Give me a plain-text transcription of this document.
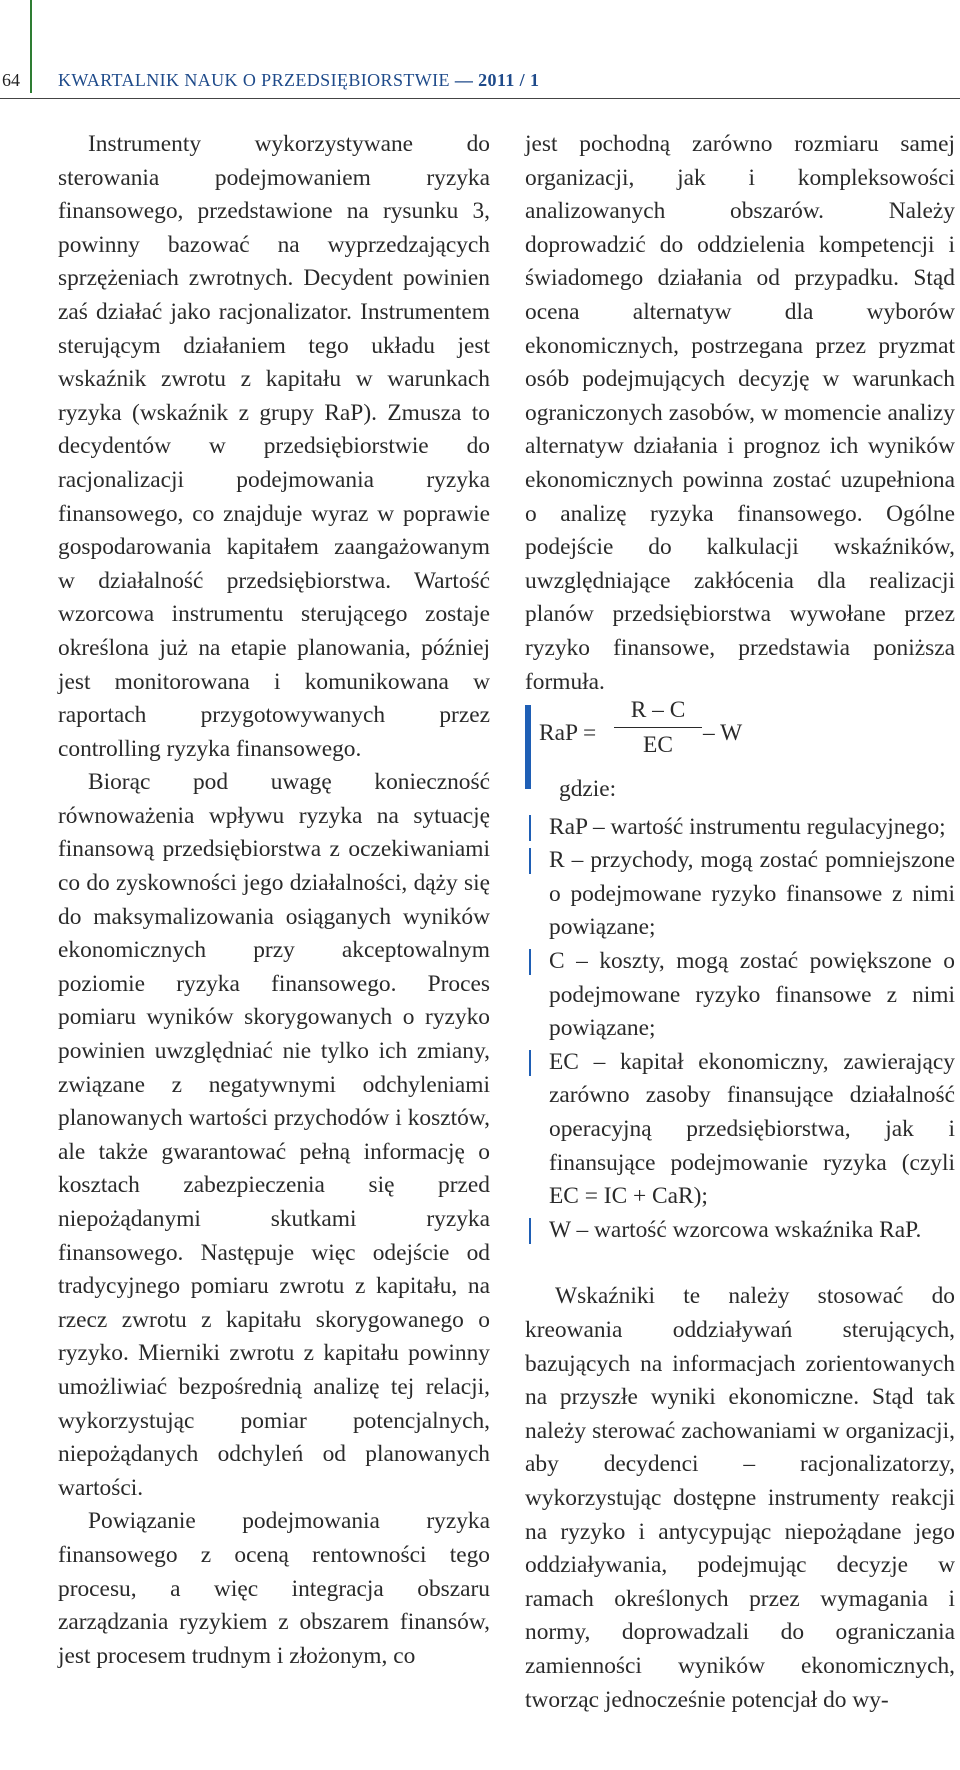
64 KWARTALNIK NAUK O PRZEDSIĘBIORSTWIE — 2011 / 1

Instrumenty wykorzystywane do sterowania podejmowaniem ryzyka finansowego, przedstawione na rysunku 3, powinny bazować na wyprzedzających sprzężeniach zwrotnych. Decydent powinien zaś działać jako racjonalizator. Instrumentem sterującym działaniem tego układu jest wskaźnik zwrotu z kapitału w warunkach ryzyka (wskaźnik z grupy RaP). Zmusza to decydentów w przedsiębiorstwie do racjonalizacji podejmowania ryzyka finansowego, co znajduje wyraz w poprawie gospodarowania kapitałem zaangażowanym w działalność przedsiębiorstwa. Wartość wzorcowa instrumentu sterującego zostaje określona już na etapie planowania, później jest monitorowana i komunikowana w raportach przygotowywanych przez controlling ryzyka finansowego.

Biorąc pod uwagę konieczność równoważenia wpływu ryzyka na sytuację finansową przedsiębiorstwa z oczekiwaniami co do zyskowności jego działalności, dąży się do maksymalizowania osiąganych wyników ekonomicznych przy akceptowalnym poziomie ryzyka finansowego. Proces pomiaru wyników skorygowanych o ryzyko powinien uwzględniać nie tylko ich zmiany, związane z negatywnymi odchyleniami planowanych wartości przychodów i kosztów, ale także gwarantować pełną informację o kosztach zabezpieczenia się przed niepożądanymi skutkami ryzyka finansowego. Następuje więc odejście od tradycyjnego pomiaru zwrotu z kapitału, na rzecz zwrotu z kapitału skorygowanego o ryzyko. Mierniki zwrotu z kapitału powinny umożliwiać bezpośrednią analizę tej relacji, wykorzystując pomiar potencjalnych, niepożądanych odchyleń od planowanych wartości.

Powiązanie podejmowania ryzyka finansowego z oceną rentowności tego procesu, a więc integracja obszaru zarządzania ryzykiem z obszarem finansów, jest procesem trudnym i złożonym, co

jest pochodną zarówno rozmiaru samej organizacji, jak i kompleksowości analizowanych obszarów. Należy doprowadzić do oddzielenia kompetencji i świadomego działania od przypadku. Stąd ocena alternatyw dla wyborów ekonomicznych, postrzegana przez pryzmat osób podejmujących decyzję w warunkach ograniczonych zasobów, w momencie analizy alternatyw działania i prognoz ich wyników ekonomicznych powinna zostać uzupełniona o analizę ryzyka finansowego. Ogólne podejście do kalkulacji wskaźników, uwzględniające zakłócenia dla realizacji planów przedsiębiorstwa wywołane przez ryzyko finansowe, przedstawia poniższa formuła.

RaP =
R – C
EC	– W
gdzie:
RaP – wartość instrumentu regulacyjnego;
R – przychody, mogą zostać pomniejszone o podejmowane ryzyko finansowe z nimi powiązane;
C – koszty, mogą zostać powiększone o podejmowane ryzyko finansowe z nimi powiązane;
EC – kapitał ekonomiczny, zawierający zarówno zasoby finansujące działalność operacyjną przedsiębiorstwa, jak i finansujące podejmowanie ryzyka (czyli EC = IC + CaR);
W – wartość wzorcowa wskaźnika RaP.

Wskaźniki te należy stosować do kreowania oddziaływań sterujących, bazujących na informacjach zorientowanych na przyszłe wyniki ekonomiczne. Stąd tak należy sterować zachowaniami w organizacji, aby decydenci – racjonalizatorzy, wykorzystując dostępne instrumenty reakcji na ryzyko i antycypując niepożądane jego oddziaływania, podejmując decyzje w ramach określonych przez wymagania i normy, doprowadzali do ograniczania zamienności wyników ekonomicznych, tworząc jednocześnie potencjał do wy-
